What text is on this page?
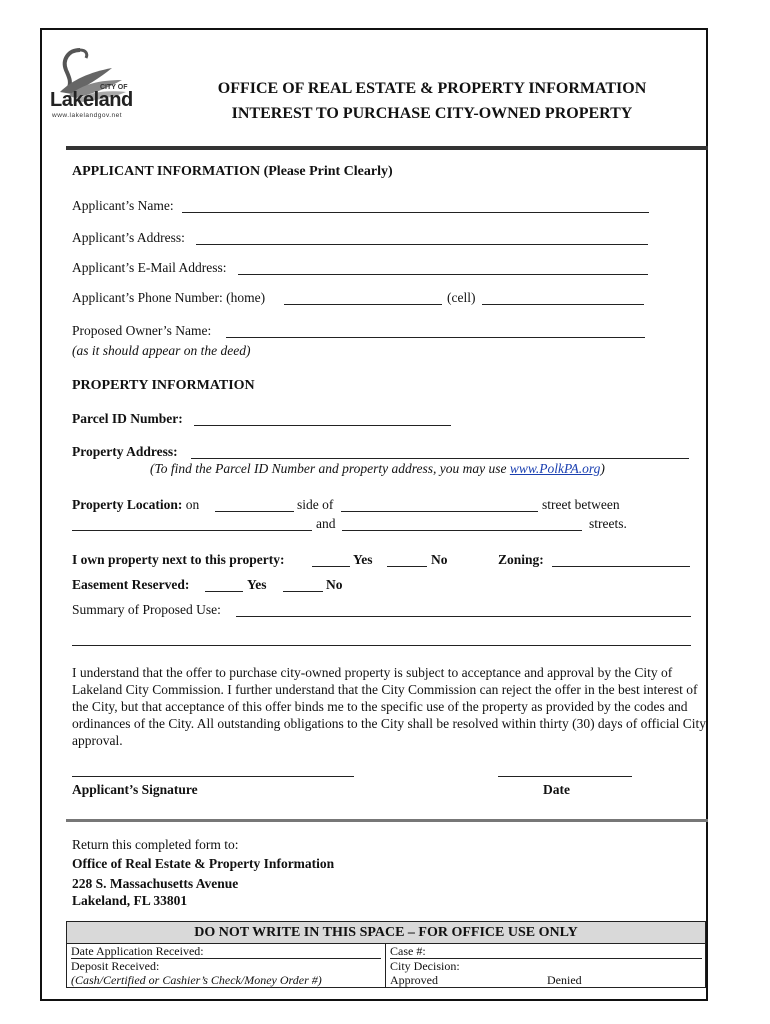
CITY OF
Lakeland
www.lakelandgov.net
OFFICE OF REAL ESTATE & PROPERTY INFORMATION
INTEREST TO PURCHASE CITY-OWNED PROPERTY
APPLICANT INFORMATION (Please Print Clearly)
Applicant’s Name:
Applicant’s Address:
Applicant’s E-Mail Address:
Applicant’s Phone Number: (home)	(cell)
Proposed Owner’s Name:
(as it should appear on the deed)
PROPERTY INFORMATION
Parcel ID Number:
Property Address:
(To find the Parcel ID Number and property address, you may use www.PolkPA.org)
Property Location: on	side of	street between
and	streets.
I own property next to this property:	Yes	No	Zoning:
Easement Reserved:	Yes	No
Summary of Proposed Use:
I understand that the offer to purchase city-owned property is subject to acceptance and approval by the City of Lakeland City Commission. I further understand that the City Commission can reject the offer in the best interest of the City, but that acceptance of this offer binds me to the specific use of the property as provided by the codes and ordinances of the City. All outstanding obligations to the City shall be resolved within thirty (30) days of official City approval.
Applicant’s Signature	Date
Return this completed form to:
Office of Real Estate & Property Information
228 S. Massachusetts Avenue
Lakeland, FL 33801
DO NOT WRITE IN THIS SPACE – FOR OFFICE USE ONLY
Date Application Received:	Case #:
Deposit Received:	City Decision:
(Cash/Certified or Cashier’s Check/Money Order #)	Approved	Denied
